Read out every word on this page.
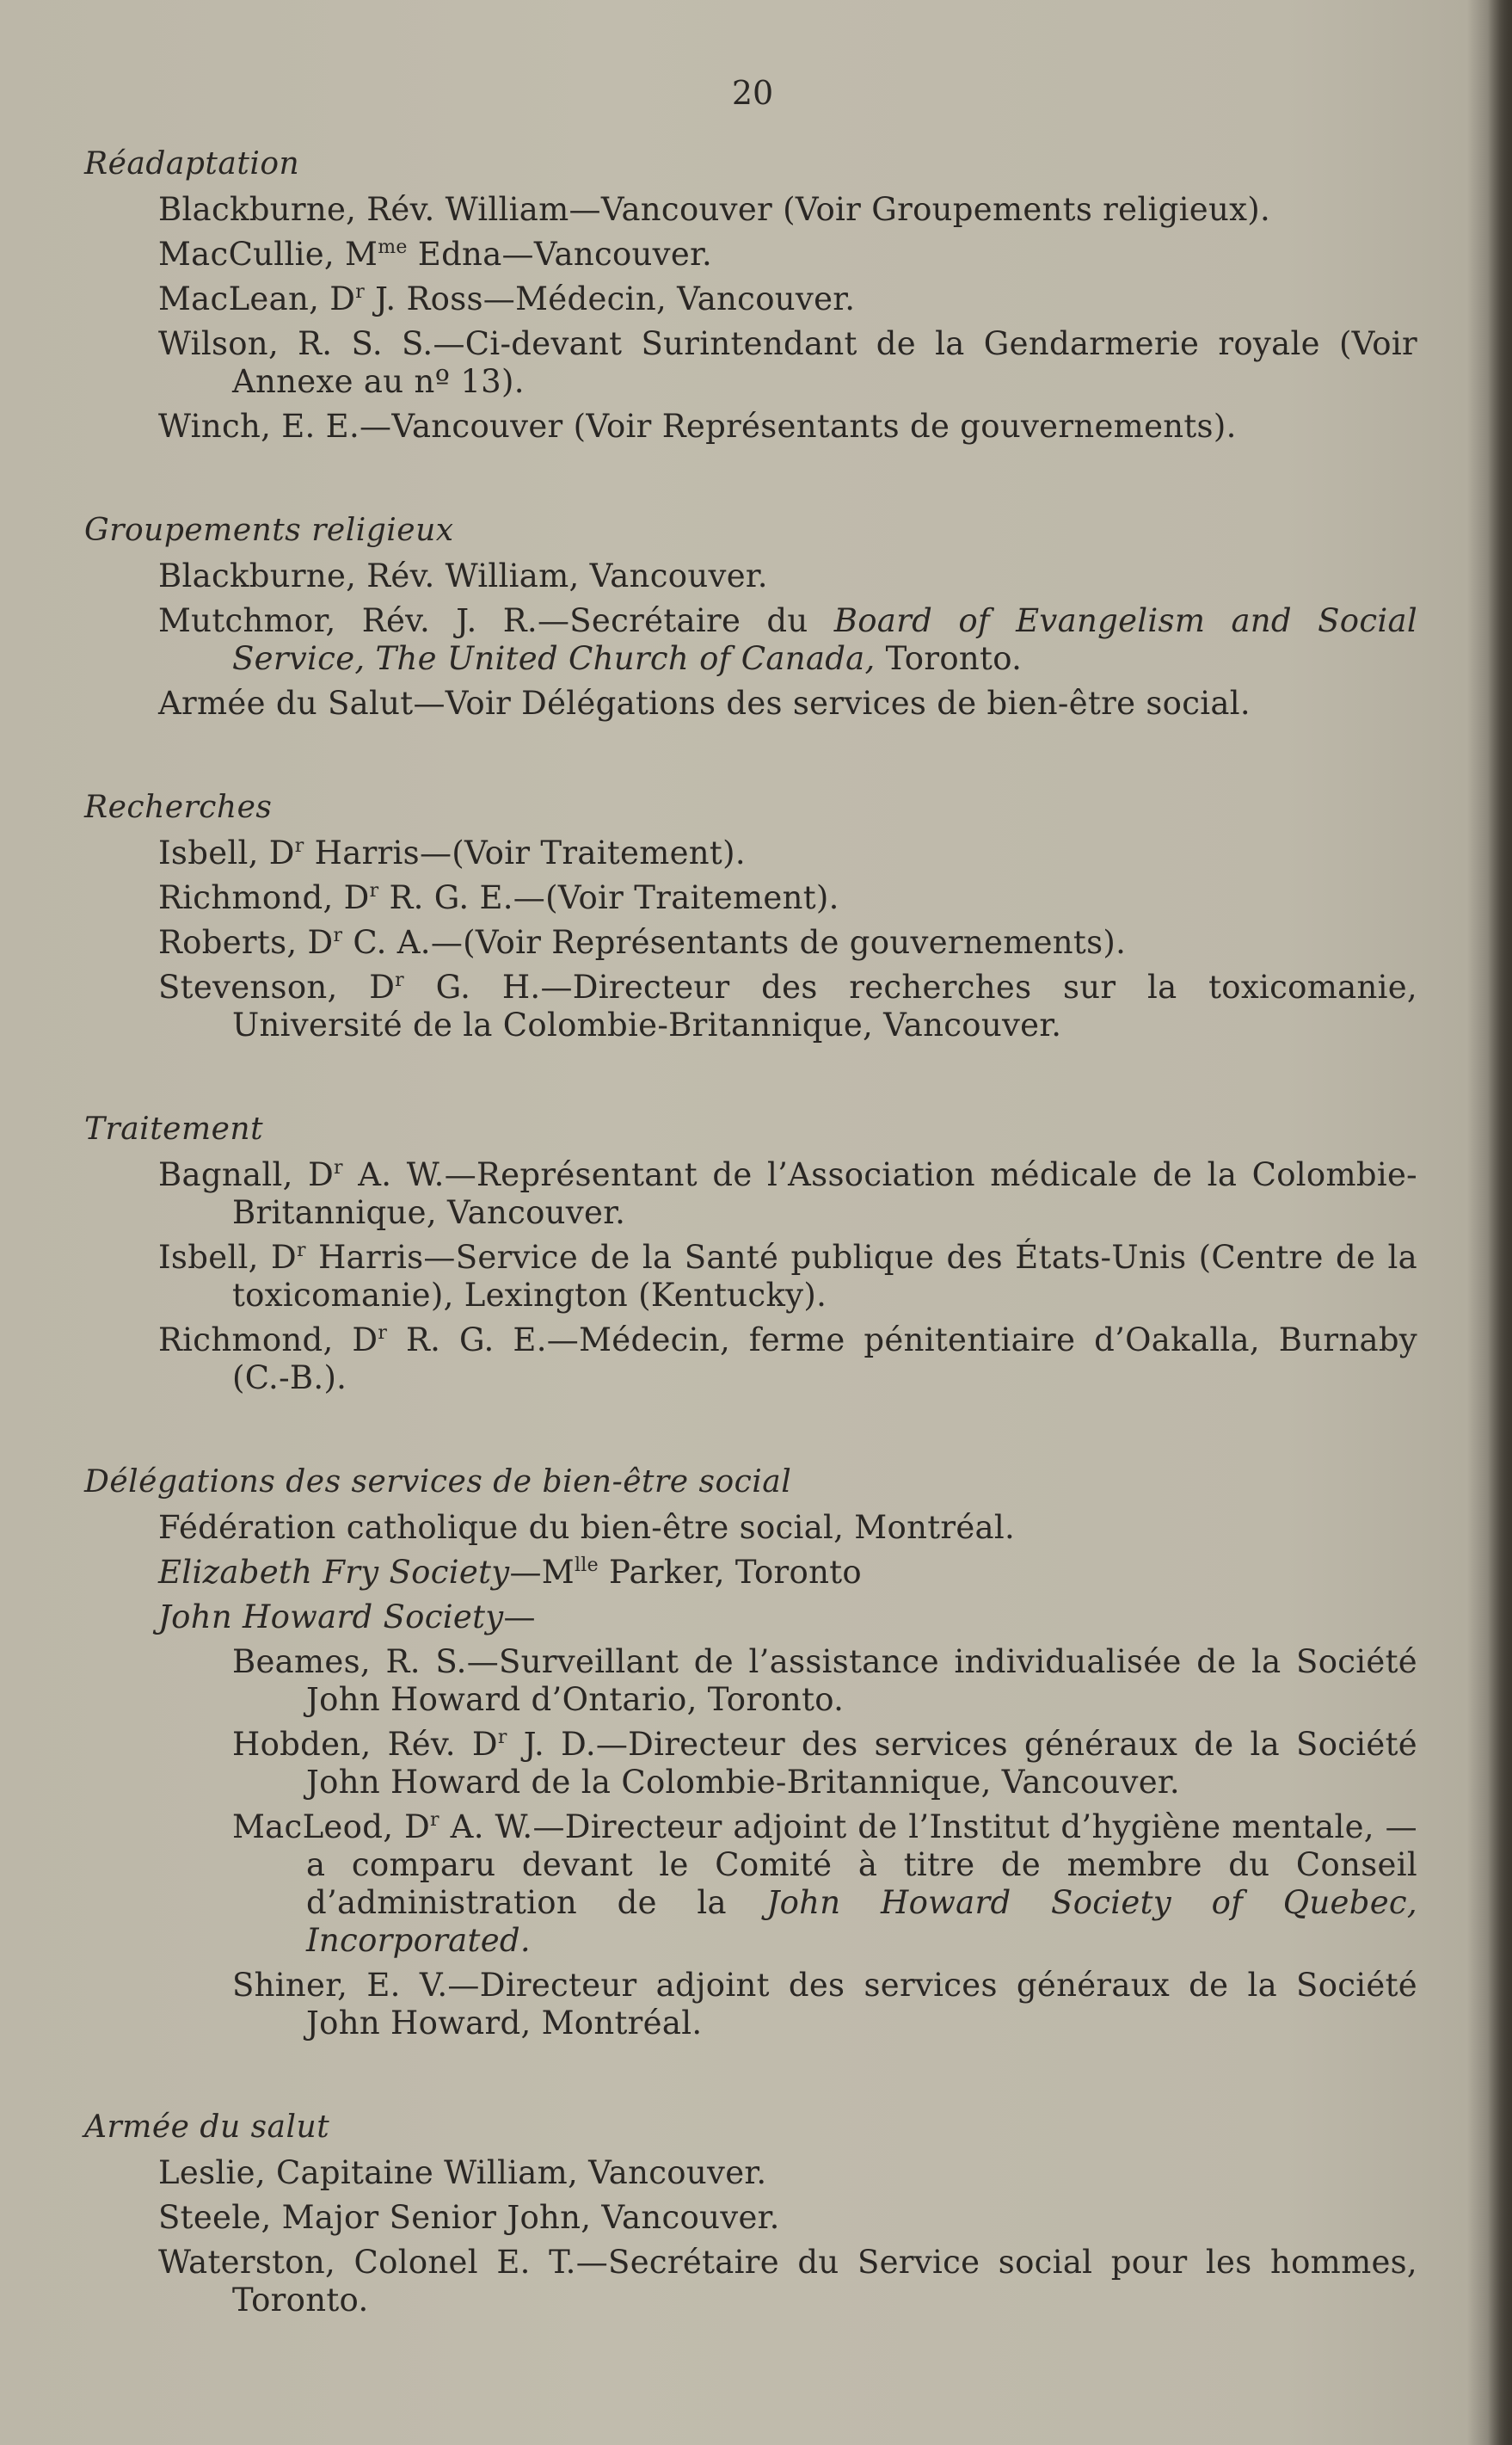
20
Réadaptation
Blackburne, Rév. William—Vancouver (Voir Groupements religieux).
MacCullie, $M^{me}$ Edna—Vancouver.
MacLean, $D^r$ J. Ross—Médecin, Vancouver.
Wilson, R. S. S.—Ci-devant Surintendant de la Gendarmerie royale (Voir Annexe au nº 13).
Winch, E. E.—Vancouver (Voir Représentants de gouvernements).
Groupements religieux
Blackburne, Rév. William, Vancouver.
Mutchmor, Rév. J. R.—Secrétaire du Board of Evangelism and Social Service, The United Church of Canada, Toronto.
Armée du Salut—Voir Délégations des services de bien-être social.
Recherches
Isbell, $D^r$ Harris—(Voir Traitement).
Richmond, $D^r$ R. G. E.—(Voir Traitement).
Roberts, $D^r$ C. A.—(Voir Représentants de gouvernements).
Stevenson, $D^r$ G. H.—Directeur des recherches sur la toxicomanie, Université de la Colombie-Britannique, Vancouver.
Traitement
Bagnall, $D^r$ A. W.—Représentant de l’Association médicale de la Colombie-Britannique, Vancouver.
Isbell, $D^r$ Harris—Service de la Santé publique des États-Unis (Centre de la toxicomanie), Lexington (Kentucky).
Richmond, $D^r$ R. G. E.—Médecin, ferme pénitentiaire d’Oakalla, Burnaby (C.-B.).
Délégations des services de bien-être social
Fédération catholique du bien-être social, Montréal.
Elizabeth Fry $Society—M^{lle}$ Parker, Toronto
John Howard Society—
Beames, R. S.—Surveillant de l’assistance individualisée de la Société John Howard d’Ontario, Toronto.
Hobden, Rév. $D^r$ J. D.—Directeur des services généraux de la Société John Howard de la Colombie-Britannique, Vancouver.
MacLeod, $D^r$ A. W.—Directeur adjoint de l’Institut d’hygiène mentale, —a comparu devant le Comité à titre de membre du Conseil d’administration de la John Howard Society of Quebec, Incorporated.
Shiner, E. V.—Directeur adjoint des services généraux de la Société John Howard, Montréal.
Armée du salut
Leslie, Capitaine William, Vancouver.
Steele, Major Senior John, Vancouver.
Waterston, Colonel E. T.—Secrétaire du Service social pour les hommes, Toronto.
